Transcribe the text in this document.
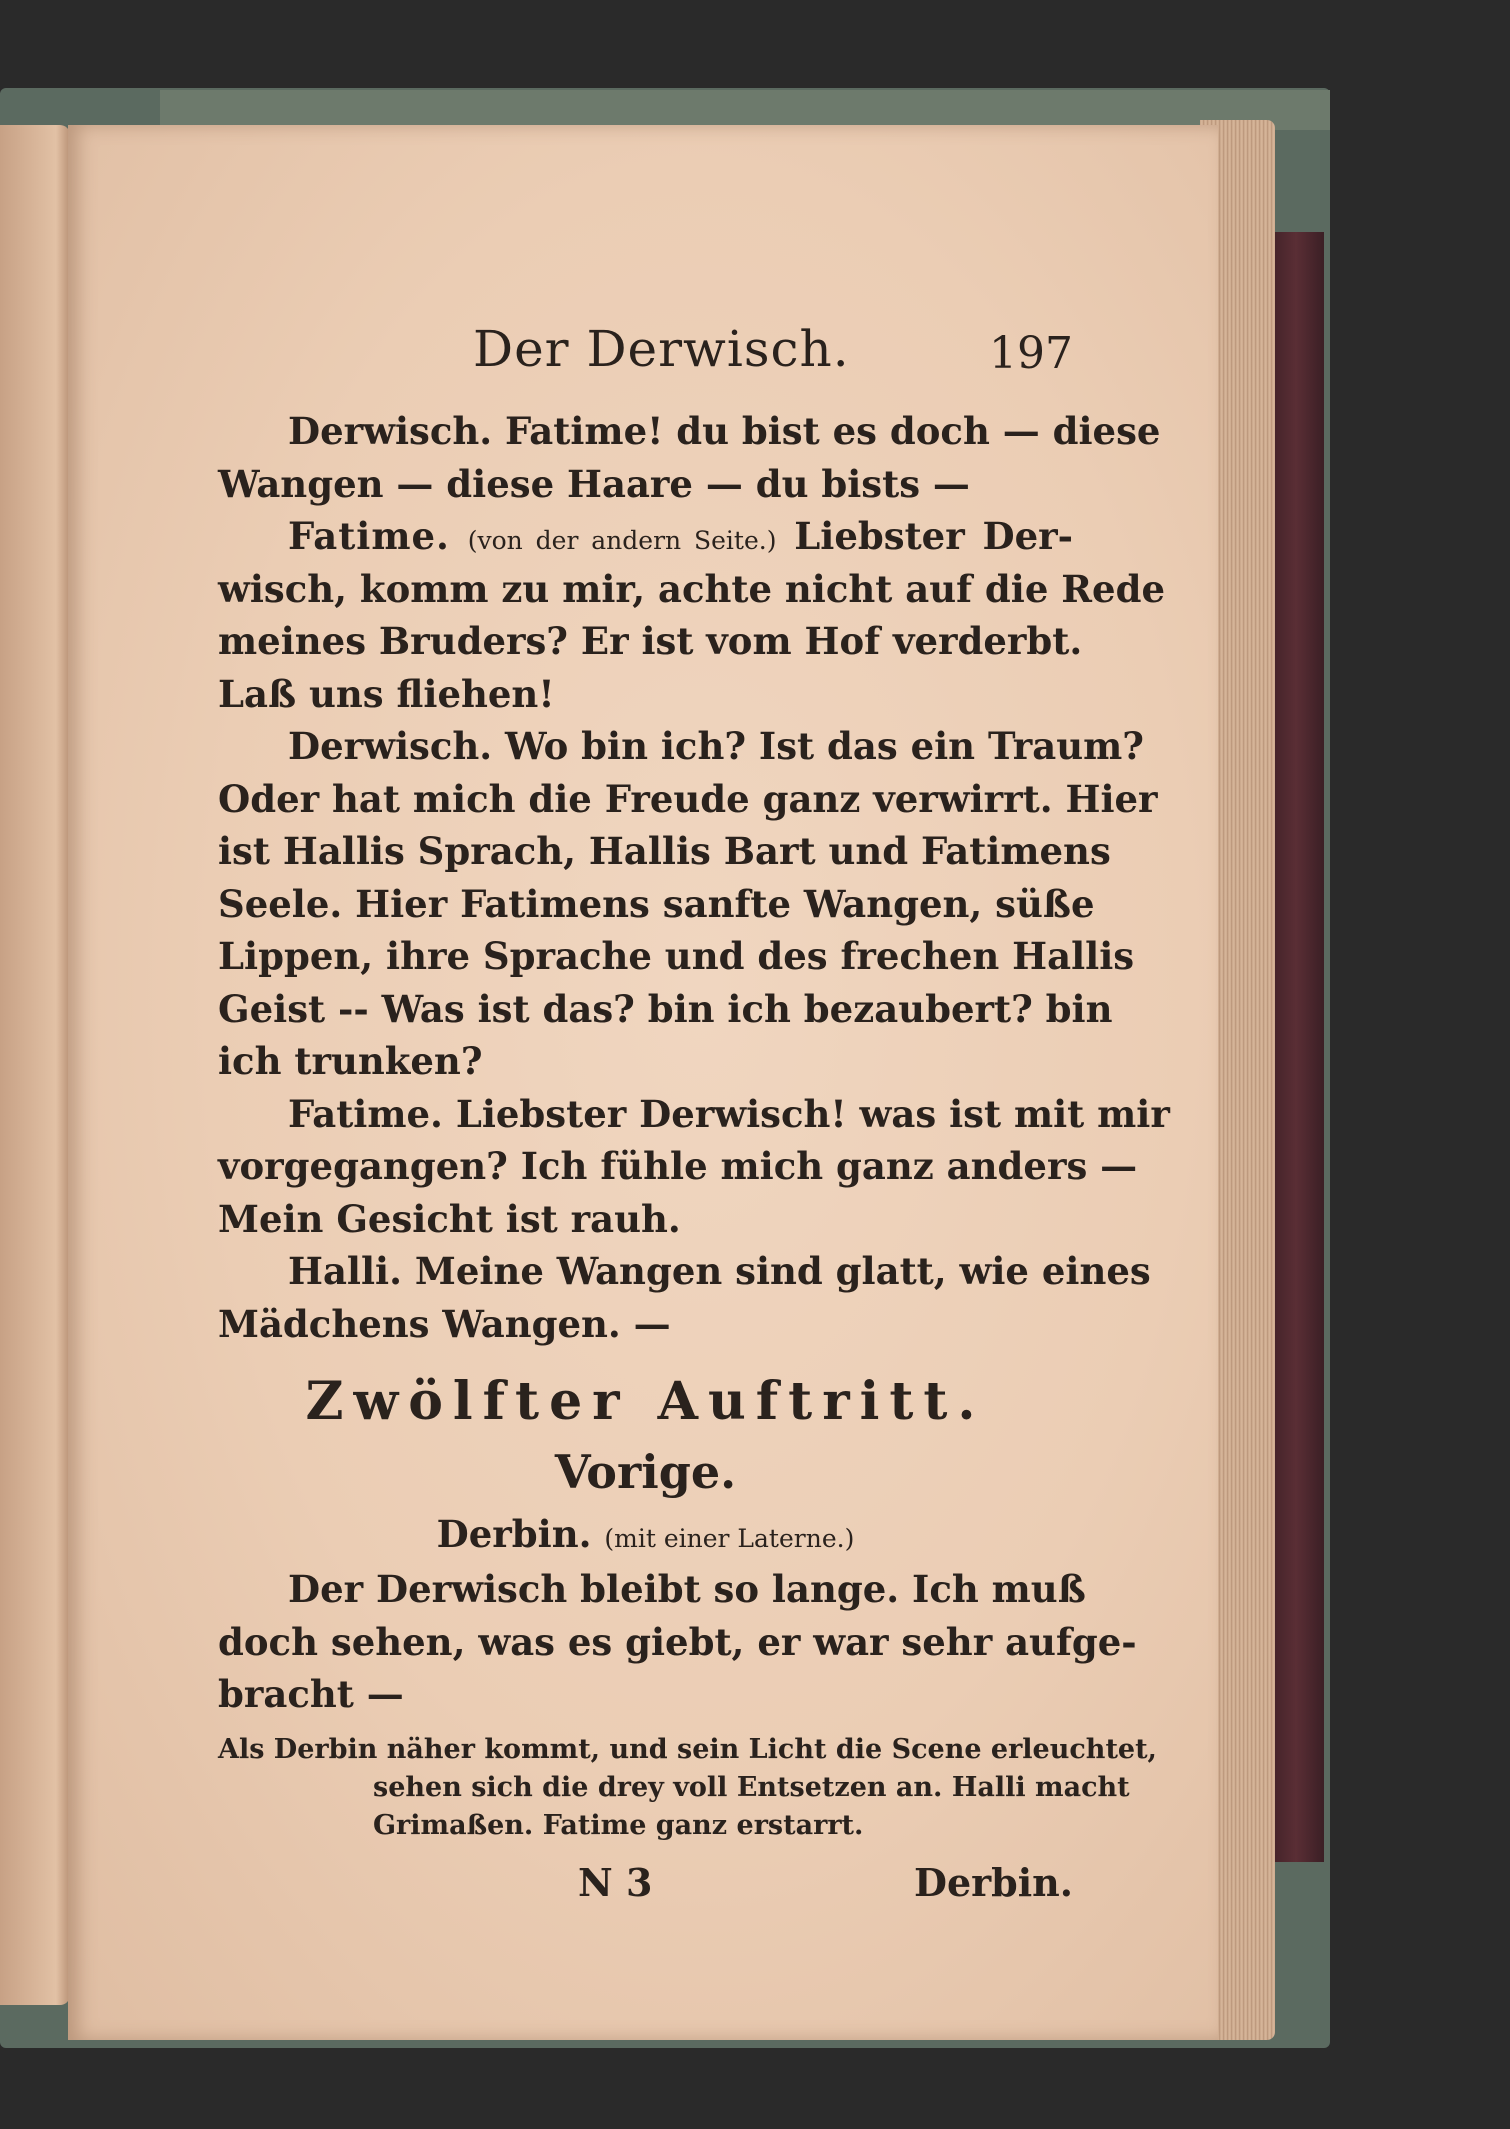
Der Derwisch.	197
Derwisch. Fatime! du bist es doch — diese
Wangen — diese Haare — du bists —
Fatime. (von der andern Seite.) Liebster Der-
wisch, komm zu mir, achte nicht auf die Rede
meines Bruders? Er ist vom Hof verderbt.
Laß uns fliehen!
Derwisch. Wo bin ich? Ist das ein Traum?
Oder hat mich die Freude ganz verwirrt. Hier
ist Hallis Sprach, Hallis Bart und Fatimens
Seele. Hier Fatimens sanfte Wangen, süße
Lippen, ihre Sprache und des frechen Hallis
Geist -- Was ist das? bin ich bezaubert? bin
ich trunken?
Fatime. Liebster Derwisch! was ist mit mir
vorgegangen? Ich fühle mich ganz anders —
Mein Gesicht ist rauh.
Halli. Meine Wangen sind glatt, wie eines
Mädchens Wangen. —
Zwölfter Auftritt.
Vorige.
Derbin. (mit einer Laterne.)
Der Derwisch bleibt so lange. Ich muß
doch sehen, was es giebt, er war sehr aufge-
bracht —
Als Derbin näher kommt, und sein Licht die Scene erleuchtet,
sehen sich die drey voll Entsetzen an. Halli macht
Grimaßen. Fatime ganz erstarrt.
N 3	Derbin.
